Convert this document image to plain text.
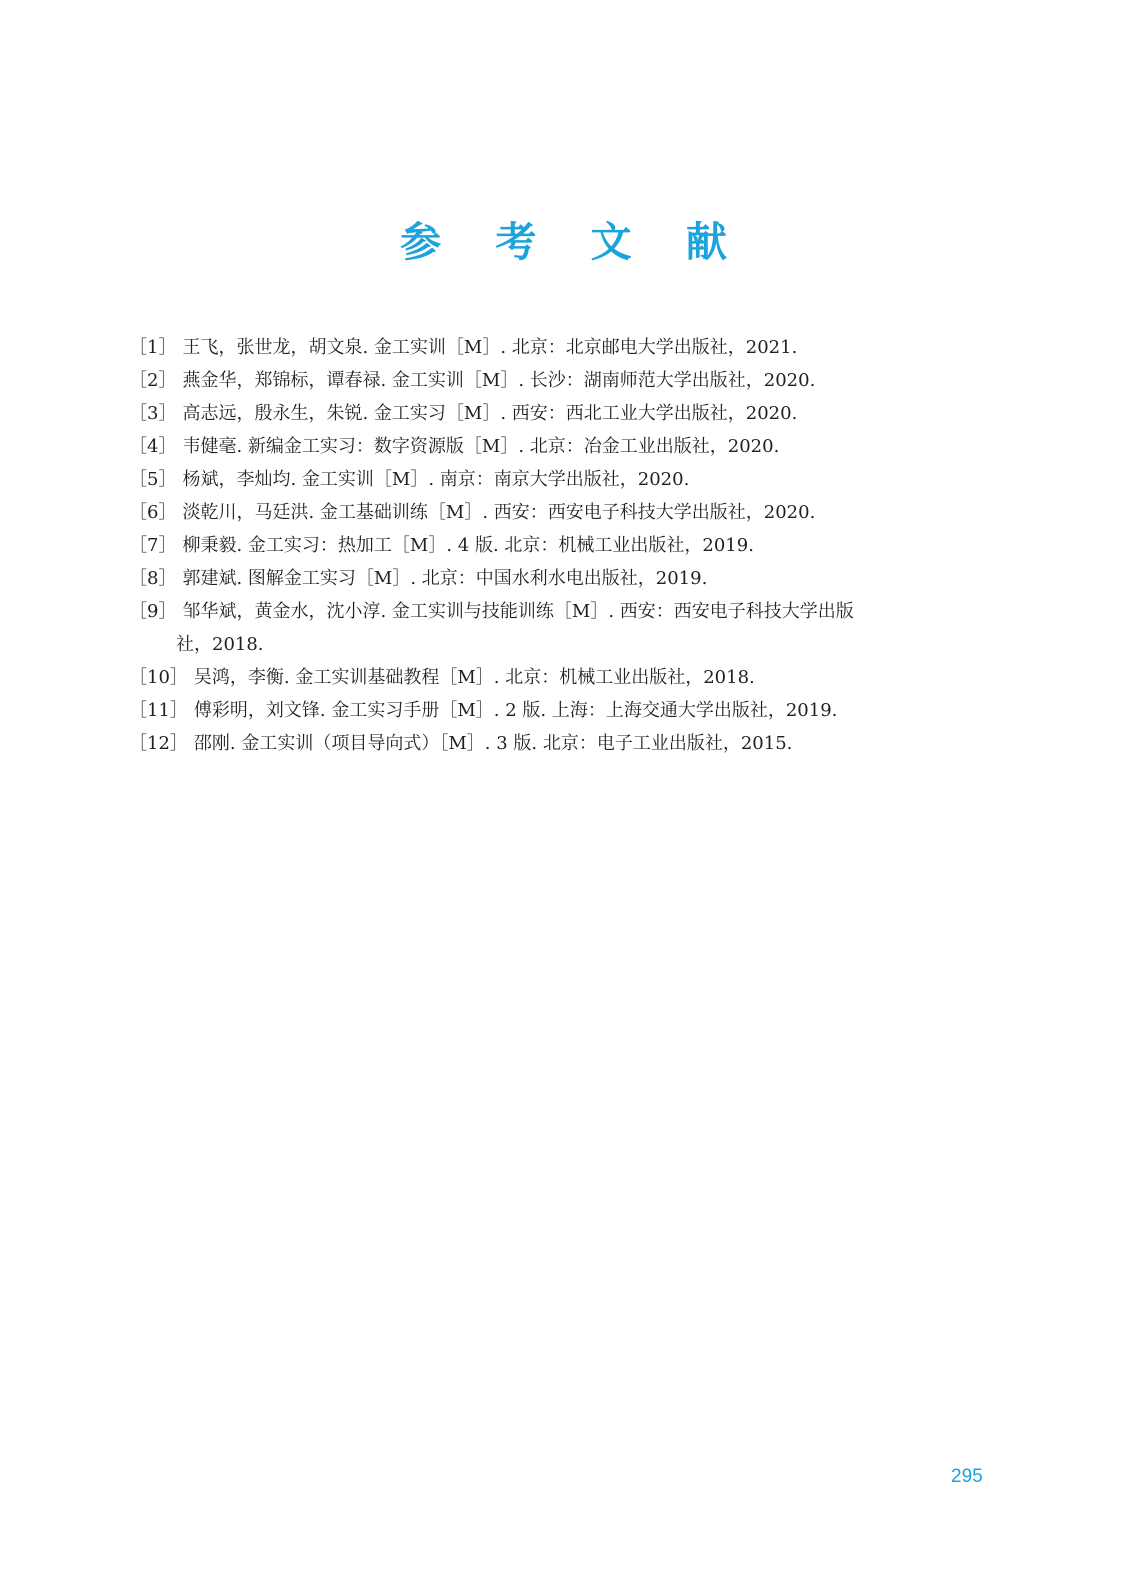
参 考 文 献
［1］ 王飞，张世龙，胡文泉. 金工实训［M］. 北京：北京邮电大学出版社，2021.
［2］ 燕金华，郑锦标，谭春禄. 金工实训［M］. 长沙：湖南师范大学出版社，2020.
［3］ 高志远，殷永生，朱锐. 金工实习［M］. 西安：西北工业大学出版社，2020.
［4］ 韦健毫. 新编金工实习：数字资源版［M］. 北京：冶金工业出版社，2020.
［5］ 杨斌，李灿均. 金工实训［M］. 南京：南京大学出版社，2020.
［6］ 淡乾川，马廷洪. 金工基础训练［M］. 西安：西安电子科技大学出版社，2020.
［7］ 柳秉毅. 金工实习：热加工［M］. 4 版. 北京：机械工业出版社，2019.
［8］ 郭建斌. 图解金工实习［M］. 北京：中国水利水电出版社，2019.
［9］ 邹华斌，黄金水，沈小淳. 金工实训与技能训练［M］. 西安：西安电子科技大学出版
社，2018.
［10］ 吴鸿，李衡. 金工实训基础教程［M］. 北京：机械工业出版社，2018.
［11］ 傅彩明，刘文锋. 金工实习手册［M］. 2 版. 上海：上海交通大学出版社，2019.
［12］ 邵刚. 金工实训（项目导向式）［M］. 3 版. 北京：电子工业出版社，2015.
295
